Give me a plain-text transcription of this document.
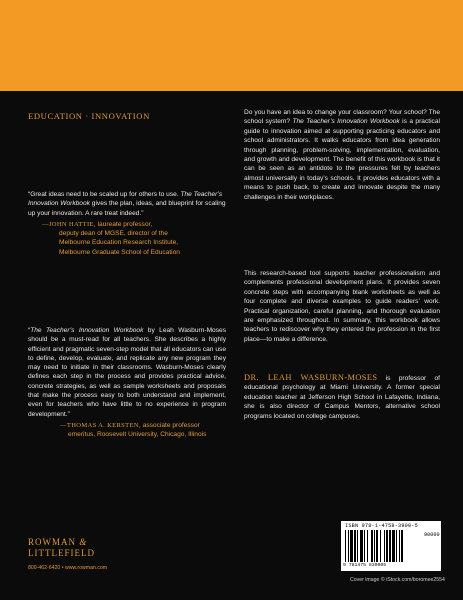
EDUCATION · INNOVATION

“Great ideas need to be scaled up for others to use. The Teacher’s Innovation Workbook gives the plan, ideas, and blueprint for scaling up your innovation. A rare treat indeed.”

—JOHN HATTIE, laureate professor,
deputy dean of MGSE, director of the
Melbourne Education Research Institute,
Melbourne Graduate School of Education

“The Teacher’s Innovation Workbook by Leah Wasburn-Moses should be a must-read for all teachers. She describes a highly efficient and pragmatic seven-step model that all educators can use to define, develop, evaluate, and replicate any new program they may need to initiate in their classrooms. Wasburn-Moses clearly defines each step in the process and provides practical advice, concrete strategies, as well as sample worksheets and proposals that make the process easy to both understand and implement, even for teachers who have little to no experience in program development.”

—THOMAS A. KERSTEN, associate professor
emeritus, Roosevelt University, Chicago, Illinois

Do you have an idea to change your classroom? Your school? The school system? The Teacher’s Innovation Workbook is a practical guide to innovation aimed at supporting practicing educators and school administrators. It walks educators from idea generation through planning, problem-solving, implementation, evaluation, and growth and development. The benefit of this workbook is that it can be seen as an antidote to the pressures felt by teachers almost universally in today’s schools. It provides educators with a means to push back, to create and innovate despite the many challenges in their workplaces.

This research-based tool supports teacher professionalism and complements professional development plans. It provides seven concrete steps with accompanying blank worksheets as well as four complete and diverse examples to guide readers’ work. Practical organization, careful planning, and thorough evaluation are emphasized throughout. In summary, this workbook allows teachers to rediscover why they entered the profession in the first place—to make a difference.

DR. LEAH WASBURN-MOSES is professor of educational psychology at Miami University. A former special education teacher at Jefferson High School in Lafayette, Indiana, she is also director of Campus Mentors, alternative school programs located on college campuses.

ROWMAN &
LITTLEFIELD
800-462-6420 • www.rowman.com
ISBN 978-1-4758-3900-5
90000
9 781475 839005
Cover image © iStock.com/boromee2554
